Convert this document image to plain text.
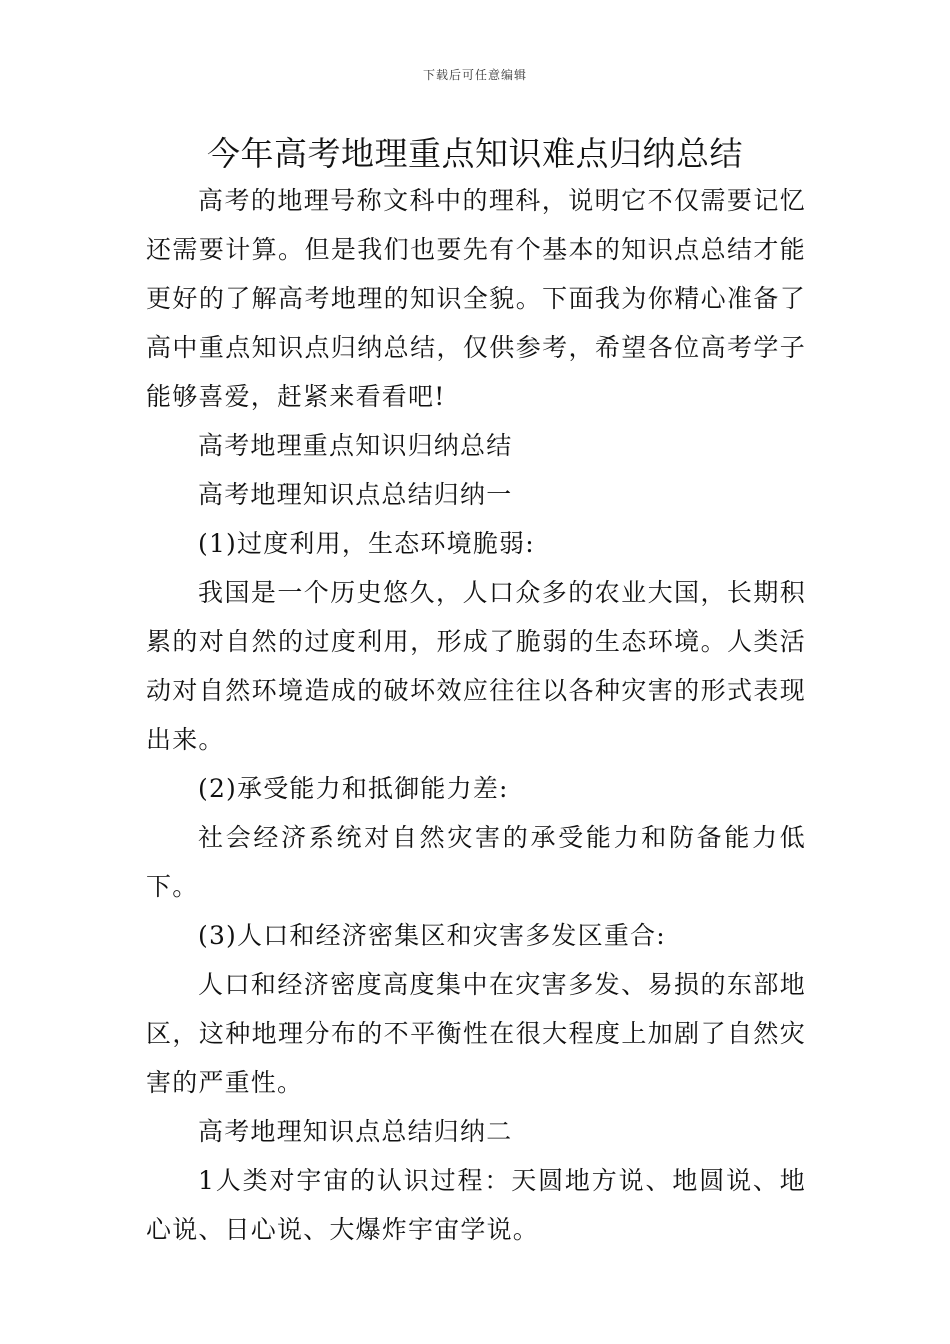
下载后可任意编辑
今年高考地理重点知识难点归纳总结

高考的地理号称文科中的理科，说明它不仅需要记忆还需要计算。但是我们也要先有个基本的知识点总结才能更好的了解高考地理的知识全貌。下面我为你精心准备了高中重点知识点归纳总结，仅供参考，希望各位高考学子能够喜爱，赶紧来看看吧!

高考地理重点知识归纳总结

高考地理知识点总结归纳一

(1)过度利用，生态环境脆弱:

我国是一个历史悠久，人口众多的农业大国，长期积累的对自然的过度利用，形成了脆弱的生态环境。人类活动对自然环境造成的破坏效应往往以各种灾害的形式表现出来。

(2)承受能力和抵御能力差:

社会经济系统对自然灾害的承受能力和防备能力低下。

(3)人口和经济密集区和灾害多发区重合:

人口和经济密度高度集中在灾害多发、易损的东部地区，这种地理分布的不平衡性在很大程度上加剧了自然灾害的严重性。

高考地理知识点总结归纳二

1人类对宇宙的认识过程：天圆地方说、地圆说、地心说、日心说、大爆炸宇宙学说。
